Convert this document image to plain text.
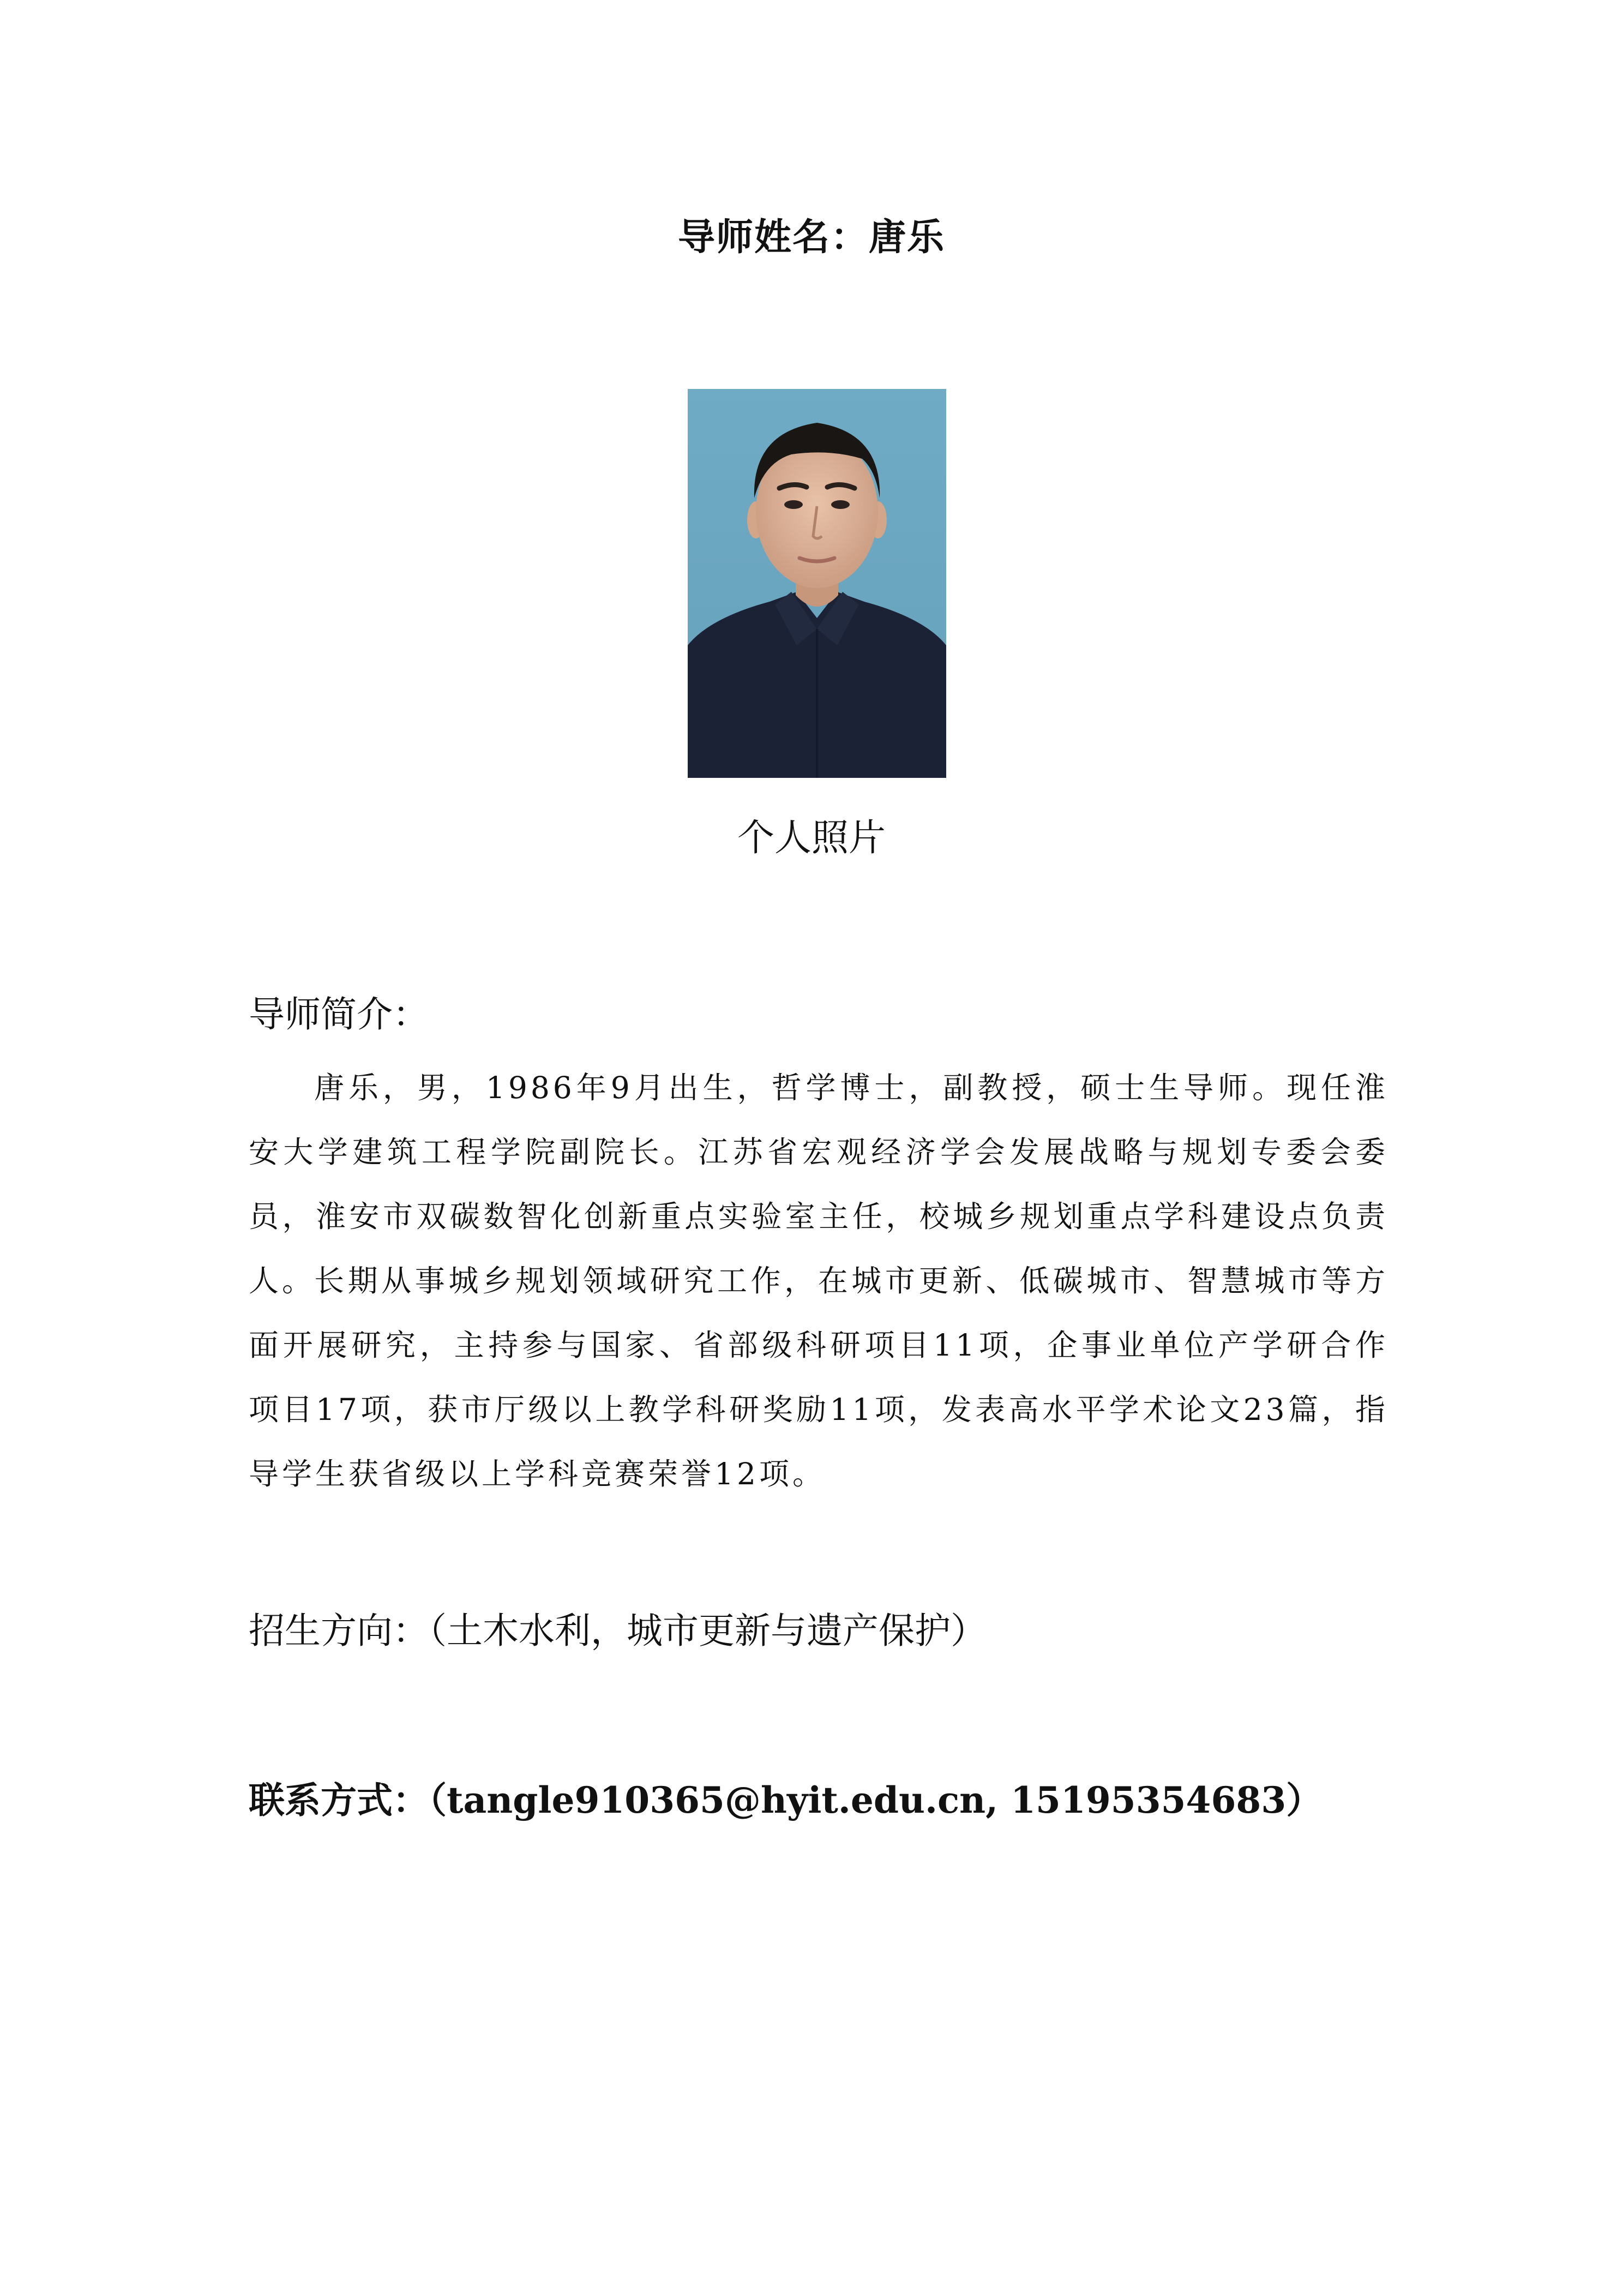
导师姓名：唐乐
个人照片
导师简介：
唐乐，男，1986年9月出生，哲学博士，副教授，硕士生导师。现任淮安大学建筑工程学院副院长。江苏省宏观经济学会发展战略与规划专委会委员，淮安市双碳数智化创新重点实验室主任，校城乡规划重点学科建设点负责人。
长期从事城乡规划领域研究工作，在城市更新、低碳城市、智慧城市等方面开展研究，主持参与国家、省部级科研项目11项，企事业单位产学研合作项目17项，获市厅级以上教学科研奖励11项，发表高水平学术论文23篇，指导学生获省级以上学科竞赛荣誉12项。
招生方向：（土木水利，城市更新与遗产保护）
联系方式：（tangle910365@hyit.edu.cn, 15195354683）
